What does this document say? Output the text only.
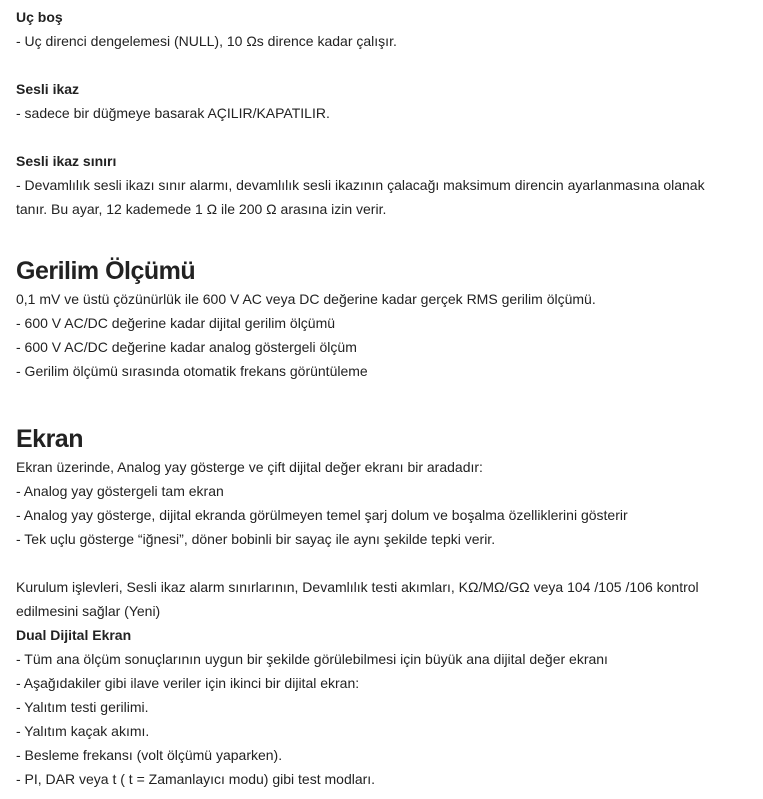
Uç boş
- Uç direnci dengelemesi (NULL), 10 Ωs dirence kadar çalışır.
Sesli ikaz
- sadece bir düğmeye basarak AÇILIR/KAPATILIR.
Sesli ikaz sınırı
- Devamlılık sesli ikazı sınır alarmı, devamlılık sesli ikazının çalacağı maksimum direncin ayarlanmasına olanak
tanır. Bu ayar, 12 kademede 1 Ω ile 200 Ω arasına izin verir.
Gerilim Ölçümü
0,1 mV ve üstü çözünürlük ile 600 V AC veya DC değerine kadar gerçek RMS gerilim ölçümü.
- 600 V AC/DC değerine kadar dijital gerilim ölçümü
- 600 V AC/DC değerine kadar analog göstergeli ölçüm
- Gerilim ölçümü sırasında otomatik frekans görüntüleme
Ekran
Ekran üzerinde, Analog yay gösterge ve çift dijital değer ekranı bir aradadır:
- Analog yay göstergeli tam ekran
- Analog yay gösterge, dijital ekranda görülmeyen temel şarj dolum ve boşalma özelliklerini gösterir
- Tek uçlu gösterge “iğnesi”, döner bobinli bir sayaç ile aynı şekilde tepki verir.
Kurulum işlevleri, Sesli ikaz alarm sınırlarının, Devamlılık testi akımları, KΩ/MΩ/GΩ veya 104 /105 /106 kontrol
edilmesini sağlar (Yeni)
Dual Dijital Ekran
- Tüm ana ölçüm sonuçlarının uygun bir şekilde görülebilmesi için büyük ana dijital değer ekranı
- Aşağıdakiler gibi ilave veriler için ikinci bir dijital ekran:
- Yalıtım testi gerilimi.
- Yalıtım kaçak akımı.
- Besleme frekansı (volt ölçümü yaparken).
- PI, DAR veya t ( t = Zamanlayıcı modu) gibi test modları.
